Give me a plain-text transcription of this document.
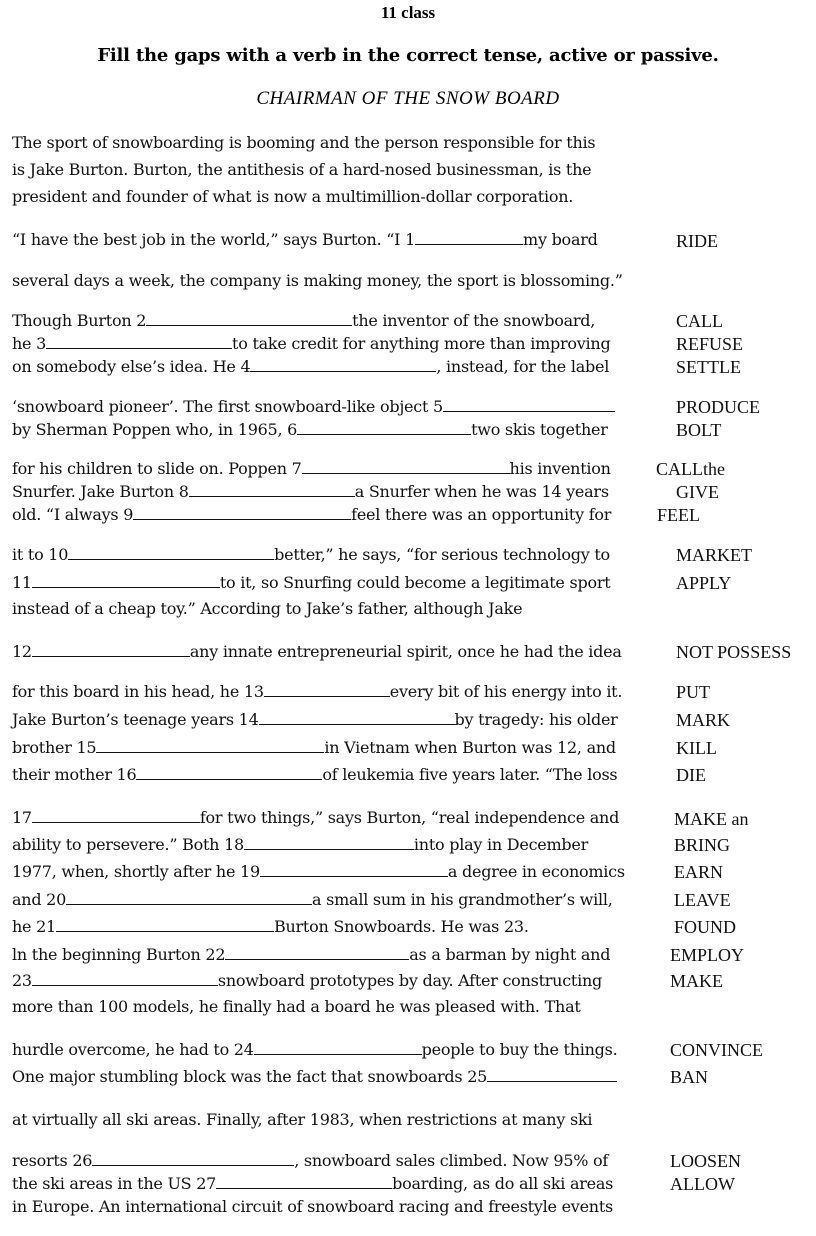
11 class
Fill the gaps with a verb in the correct tense, active or passive.
CHAIRMAN OF THE SNOW BOARD
The sport of snowboarding is booming and the person responsible for this
is Jake Burton. Burton, the antithesis of a hard-nosed businessman, is the
president and founder of what is now a multimillion-dollar corporation.
“I have the best job in the world,” says Burton. “I 1	my board
several days a week, the company is making money, the sport is blossoming.”
Though Burton 2	the inventor of the snowboard,
he 3	to take credit for anything more than improving
on somebody else’s idea. He 4	, instead, for the label
‘snowboard pioneer’. The first snowboard-like object 5
by Sherman Poppen who, in 1965, 6	two skis together
for his children to slide on. Poppen 7	his invention
Snurfer. Jake Burton 8	a Snurfer when he was 14 years
old. “I always 9	feel there was an opportunity for
it to 10	better,” he says, “for serious technology to
11	to it, so Snurfing could become a legitimate sport
instead of a cheap toy.” According to Jake’s father, although Jake
12	any innate entrepreneurial spirit, once he had the idea
for this board in his head, he 13	every bit of his energy into it.
Jake Burton’s teenage years 14	by tragedy: his older
brother 15	in Vietnam when Burton was 12, and
their mother 16	of leukemia five years later. “The loss
17	for two things,” says Burton, “real independence and
ability to persevere.” Both 18	into play in December
1977, when, shortly after he 19	a degree in economics
and 20	a small sum in his grandmother’s will,
he 21	Burton Snowboards. He was 23.
ln the beginning Burton 22	as a barman by night and
23	snowboard prototypes by day. After constructing
more than 100 models, he finally had a board he was pleased with. That
hurdle overcome, he had to 24	people to buy the things.
One major stumbling block was the fact that snowboards 25
at virtually all ski areas. Finally, after 1983, when restrictions at many ski
resorts 26	, snowboard sales climbed. Now 95% of
the ski areas in the US 27	boarding, as do all ski areas
in Europe. An international circuit of snowboard racing and freestyle events
RIDE
CALL
REFUSE
SETTLE
PRODUCE
BOLT
CALLthe
GIVE
FEEL
MARKET
APPLY
NOT POSSESS
PUT
MARK
KILL
DIE
MAKE an
BRING
EARN
LEAVE
FOUND
EMPLOY
MAKE
CONVINCE
BAN
LOOSEN
ALLOW
